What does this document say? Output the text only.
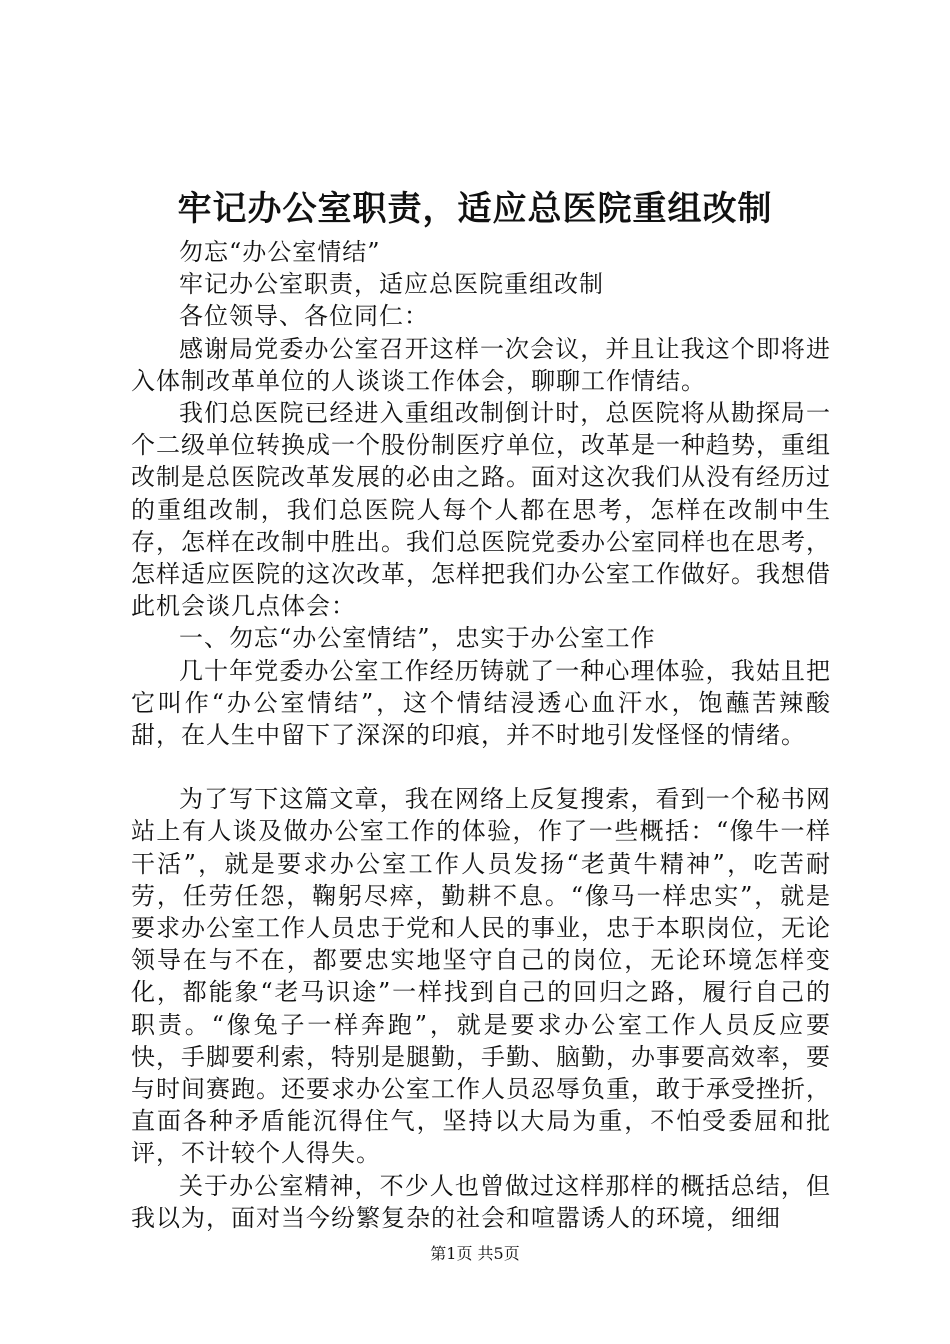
牢记办公室职责，适应总医院重组改制

勿忘“办公室情结”

牢记办公室职责，适应总医院重组改制

各位领导、各位同仁：

感谢局党委办公室召开这样一次会议，并且让我这个即将进入体制改革单位的人谈谈工作体会，聊聊工作情结。

我们总医院已经进入重组改制倒计时，总医院将从勘探局一个二级单位转换成一个股份制医疗单位，改革是一种趋势，重组改制是总医院改革发展的必由之路。面对这次我们从没有经历过的重组改制，我们总医院人每个人都在思考，怎样在改制中生存，怎样在改制中胜出。我们总医院党委办公室同样也在思考，怎样适应医院的这次改革，怎样把我们办公室工作做好。我想借此机会谈几点体会：

一、勿忘“办公室情结”，忠实于办公室工作

几十年党委办公室工作经历铸就了一种心理体验，我姑且把它叫作“办公室情结”，这个情结浸透心血汗水，饱蘸苦辣酸甜，在人生中留下了深深的印痕，并不时地引发怪怪的情绪。

为了写下这篇文章，我在网络上反复搜索，看到一个秘书网站上有人谈及做办公室工作的体验，作了一些概括：“像牛一样干活”，就是要求办公室工作人员发扬“老黄牛精神”，吃苦耐劳，任劳任怨，鞠躬尽瘁，勤耕不息。“像马一样忠实”，就是要求办公室工作人员忠于党和人民的事业，忠于本职岗位，无论领导在与不在，都要忠实地坚守自己的岗位，无论环境怎样变化，都能象“老马识途”一样找到自己的回归之路，履行自己的职责。“像兔子一样奔跑”，就是要求办公室工作人员反应要快，手脚要利索，特别是腿勤，手勤、脑勤，办事要高效率，要与时间赛跑。还要求办公室工作人员忍辱负重，敢于承受挫折，直面各种矛盾能沉得住气，坚持以大局为重，不怕受委屈和批评，不计较个人得失。

关于办公室精神，不少人也曾做过这样那样的概括总结，但我以为，面对当今纷繁复杂的社会和喧嚣诱人的环境，细细

第1页 共5页
